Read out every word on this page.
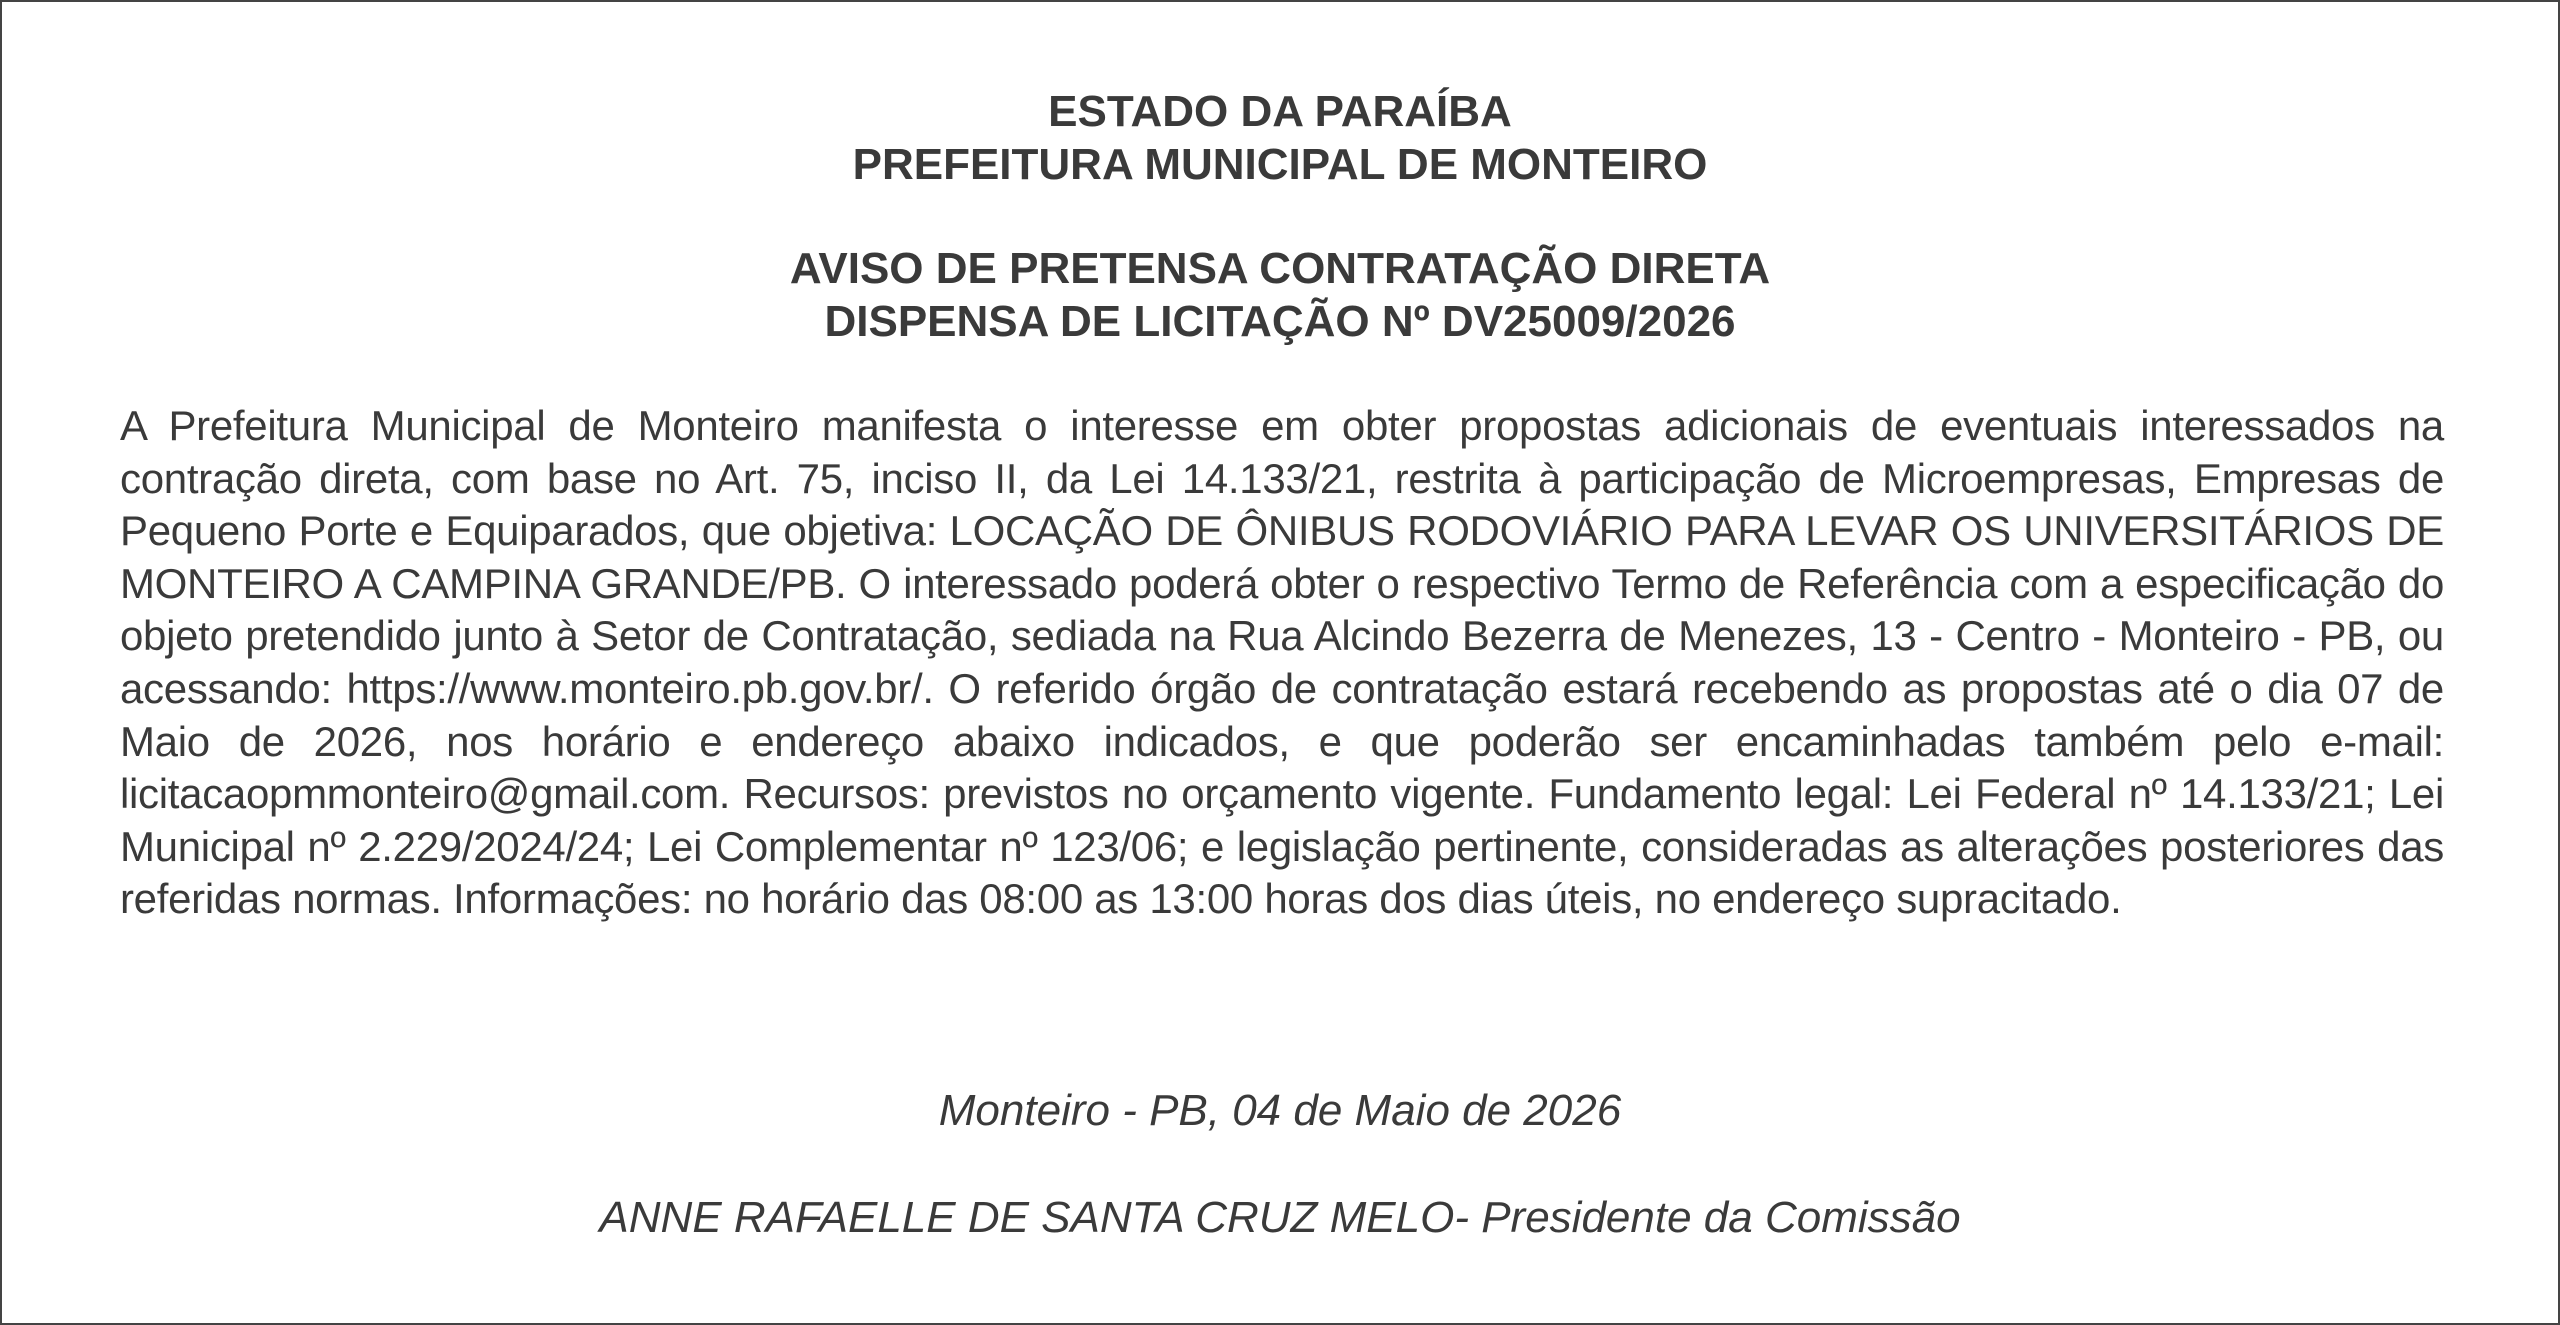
ESTADO DA PARAÍBA
PREFEITURA MUNICIPAL DE MONTEIRO
AVISO DE PRETENSA CONTRATAÇÃO DIRETA
DISPENSA DE LICITAÇÃO Nº DV25009/2026

A Prefeitura Municipal de Monteiro manifesta o interesse em obter propostas adicionais de eventuais interessados na contração direta, com base no Art. 75, inciso II, da Lei 14.133/21, restrita à participação de Microempresas, Empresas de Pequeno Porte e Equiparados, que objetiva: LOCAÇÃO DE ÔNIBUS RODOVIÁRIO PARA LEVAR OS UNIVERSITÁRIOS DE MONTEIRO A CAMPINA GRANDE/PB. O interessado poderá obter o respectivo Termo de Referência com a especificação do objeto pretendido junto à Setor de Contratação, sediada na Rua Alcindo Bezerra de Menezes, 13 - Centro - Monteiro - PB, ou acessando: https://www.monteiro.pb.gov.br/. O referido órgão de contratação estará recebendo as propostas até o dia 07 de Maio de 2026, nos horário e endereço abaixo indicados, e que poderão ser encaminhadas também pelo e-mail: licitacaopmmonteiro@gmail.com. Recursos: previstos no orçamento vigente. Fundamento legal: Lei Federal nº 14.133/21; Lei Municipal nº 2.229/2024/24; Lei Complementar nº 123/06; e legislação pertinente, consideradas as alterações posteriores das referidas normas. Informações: no horário das 08:00 as 13:00 horas dos dias úteis, no endereço supracitado.

Monteiro - PB, 04 de Maio de 2026
ANNE RAFAELLE DE SANTA CRUZ MELO- Presidente da Comissão
